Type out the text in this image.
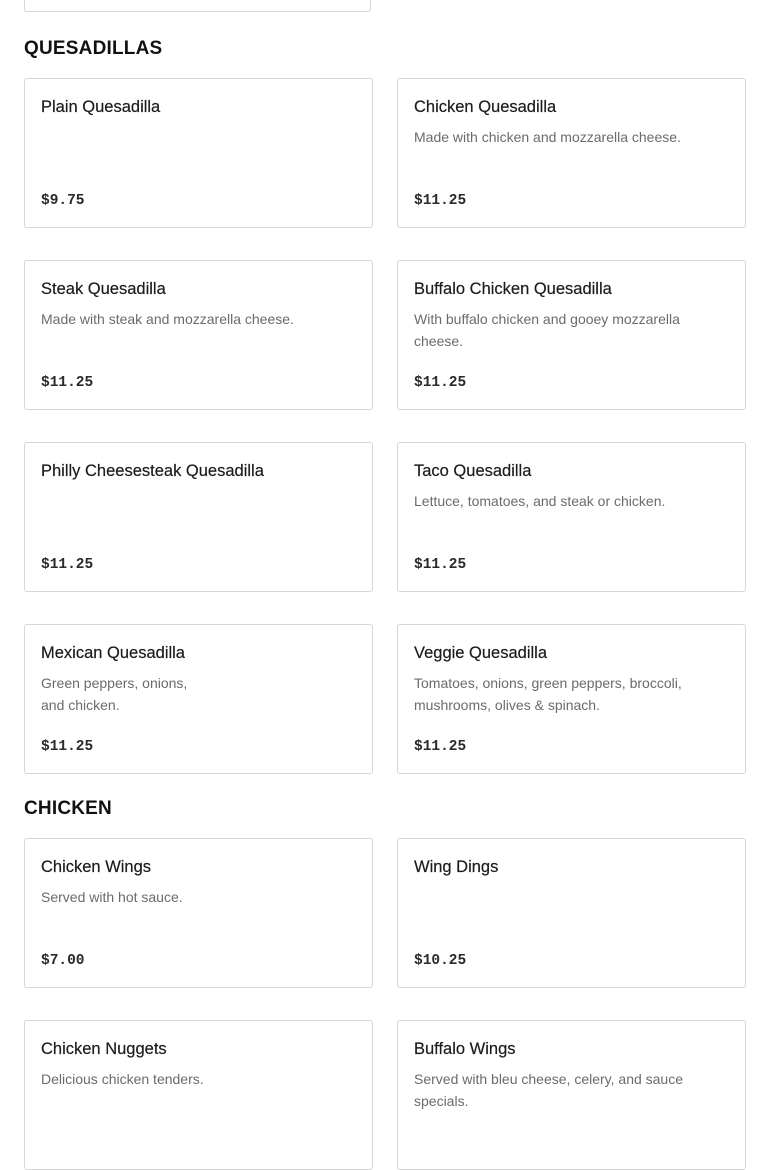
QUESADILLAS
Plain Quesadilla
$9.75
Chicken Quesadilla
Made with chicken and mozzarella cheese.
$11.25
Steak Quesadilla
Made with steak and mozzarella cheese.
$11.25
Buffalo Chicken Quesadilla
With buffalo chicken and gooey mozzarella cheese.
$11.25
Philly Cheesesteak Quesadilla
$11.25
Taco Quesadilla
Lettuce, tomatoes, and steak or chicken.
$11.25
Mexican Quesadilla
Green peppers, onions, and chicken.
$11.25
Veggie Quesadilla
Tomatoes, onions, green peppers, broccoli, mushrooms, olives & spinach.
$11.25
CHICKEN
Chicken Wings
Served with hot sauce.
$7.00
Wing Dings
$10.25
Chicken Nuggets
Delicious chicken tenders.
Buffalo Wings
Served with bleu cheese, celery, and sauce specials.
